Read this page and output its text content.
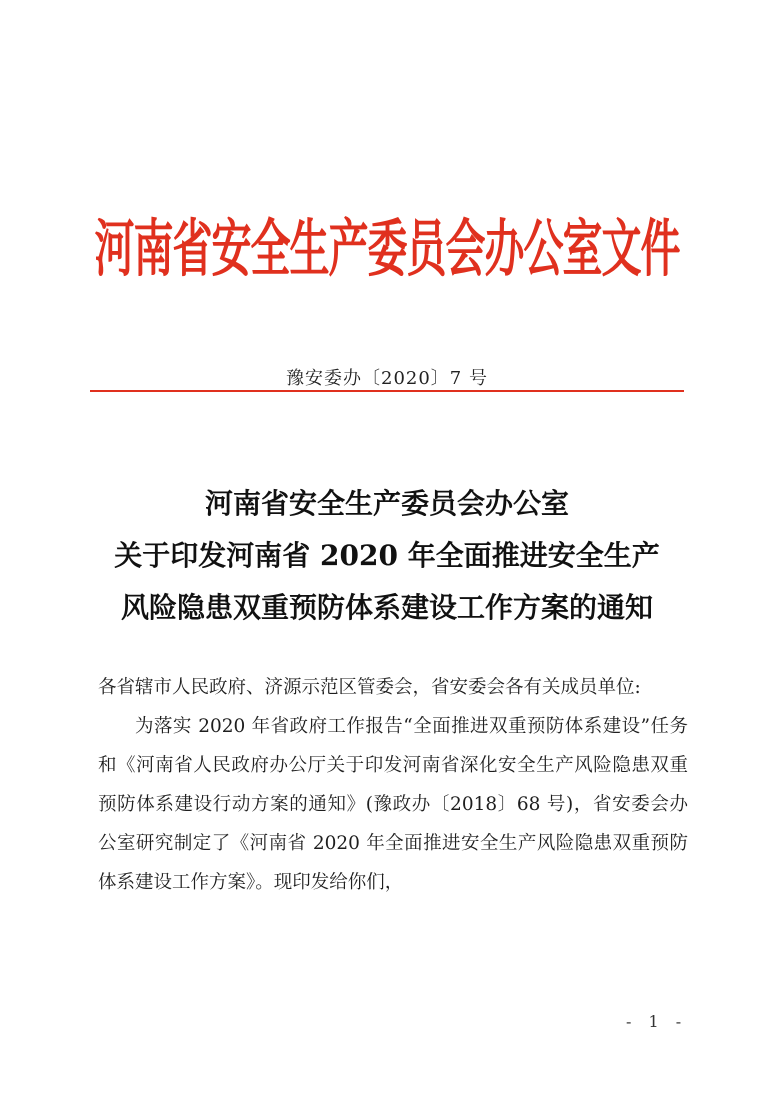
河南省安全生产委员会办公室文件
豫安委办〔2020〕7 号
河南省安全生产委员会办公室
关于印发河南省 2020 年全面推进安全生产
风险隐患双重预防体系建设工作方案的通知

各省辖市人民政府、济源示范区管委会，省安委会各有关成员单位:

为落实 2020 年省政府工作报告“全面推进双重预防体系建设”任务和《河南省人民政府办公厅关于印发河南省深化安全生产风险隐患双重预防体系建设行动方案的通知》(豫政办〔2018〕68 号)，省安委会办公室研究制定了《河南省 2020 年全面推进安全生产风险隐患双重预防体系建设工作方案》。现印发给你们，

- 1 -
